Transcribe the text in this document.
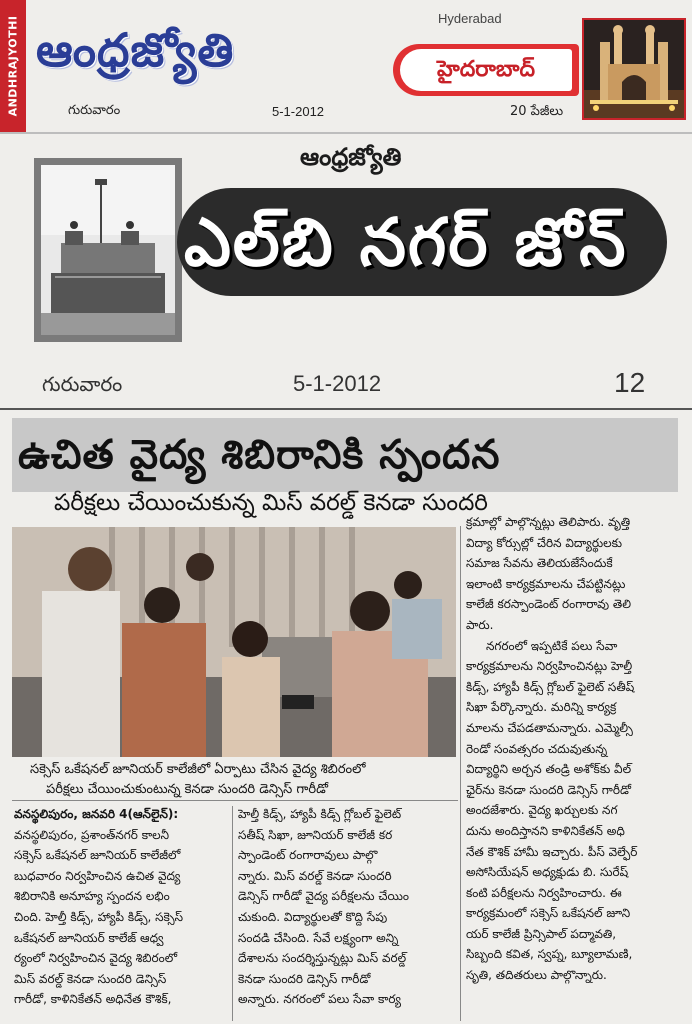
ANDHRAJYOTHI ఆంధ్రజ్యోతి
Hyderabad
హైదరాబాద్
గురువారం	5-1-2012	20 పేజీలు
ఆంధ్రజ్యోతి
ఎల్‌బి నగర్ జోన్
గురువారం	5-1-2012	12
ఉచిత వైద్య శిబిరానికి స్పందన
పరీక్షలు చేయించుకున్న మిస్ వరల్డ్ కెనడా సుందరి
సక్సెస్ ఒకేషనల్ జూనియర్ కాలేజీలో ఏర్పాటు చేసిన వైద్య శిబిరంలో
పరీక్షలు చేయించుకుంటున్న కెనడా సుందరి డెన్సిస్ గారీడో

వనస్థలిపురం, జనవరి 4(ఆన్‌లైన్):

వనస్థలిపురం, ప్రశాంత్‌నగర్ కాలనీ

సక్సెస్ ఒకేషనల్ జూనియర్ కాలేజీలో

బుధవారం నిర్వహించిన ఉచిత వైద్య

శిబిరానికి అనూహ్య స్పందన లభిం

చింది. హెల్తీ కిడ్స్, హ్యాపీ కిడ్స్, సక్సెస్

ఒకేషనల్ జూనియర్ కాలేజ్ ఆధ్వ

ర్యంలో నిర్వహించిన వైద్య శిబిరంలో

మిస్ వరల్డ్ కెనడా సుందరి డెన్సిస్

గారీడో, కాళినికేతన్ అధినేత కౌశిక్,

హెల్తీ కిడ్స్, హ్యాపీ కిడ్స్ గ్లోబల్ ఫైలెట్

సతీష్ సిఖా, జూనియర్ కాలేజీ కర

స్పాండెంట్ రంగారావులు పాల్గొ

న్నారు. మిస్ వరల్డ్ కెనడా సుందరి

డెన్సిస్ గారీడో వైద్య పరీక్షలను చేయిం

చుకుంది. విద్యార్థులతో కొద్ది సేపు

సందడి చేసింది. సేవే లక్ష్యంగా అన్ని

దేశాలను సందర్శిస్తున్నట్లు మిస్ వరల్డ్

కెనడా సుందరి డెన్సిస్ గారీడో

అన్నారు. నగరంలో పలు సేవా కార్య

క్రమాల్లో పాల్గొన్నట్లు తెలిపారు. వృత్తి

విద్యా కోర్సుల్లో చేరిన విద్యార్థులకు

సమాజ సేవను తెలియజేసేందుకే

ఇలాంటి కార్యక్రమాలను చేపట్టినట్లు

కాలేజీ కరస్పాండెంట్ రంగారావు తెలి

పారు.

నగరంలో ఇప్పటికే పలు సేవా

కార్యక్రమాలను నిర్వహించినట్లు హెల్తీ

కిడ్స్, హ్యాపీ కిడ్స్ గ్లోబల్ ఫైలెట్ సతీష్

సిఖా పేర్కొన్నారు. మరిన్ని కార్యక్ర

మాలను చేపడతామన్నారు. ఎమ్మెల్సీ

రెండో సంవత్సరం చదువుతున్న

విద్యార్థిని అర్చన తండ్రి అశోక్‌కు వీల్

ఛైర్‌ను కెనడా సుందరి డెన్సిస్ గారీడో

అందజేశారు. వైద్య ఖర్చులకు నగ

దును అందిస్తానని కాళినికేతన్ అధి

నేత కౌశిక్ హామీ ఇచ్చారు. పీస్ వెల్ఫేర్

అసోసియేషన్ అధ్యక్షుడు బి. సురేష్

కంటి పరీక్షలను నిర్వహించారు. ఈ

కార్యక్రమంలో సక్సెస్ ఒకేషనల్ జూని

యర్ కాలేజీ ప్రిన్సిపాల్ పద్మావతి,

సిబ్బంది కవిత, స్వప్న, బ్యూలామణి,

సృతి, తదితరులు పాల్గొన్నారు.
